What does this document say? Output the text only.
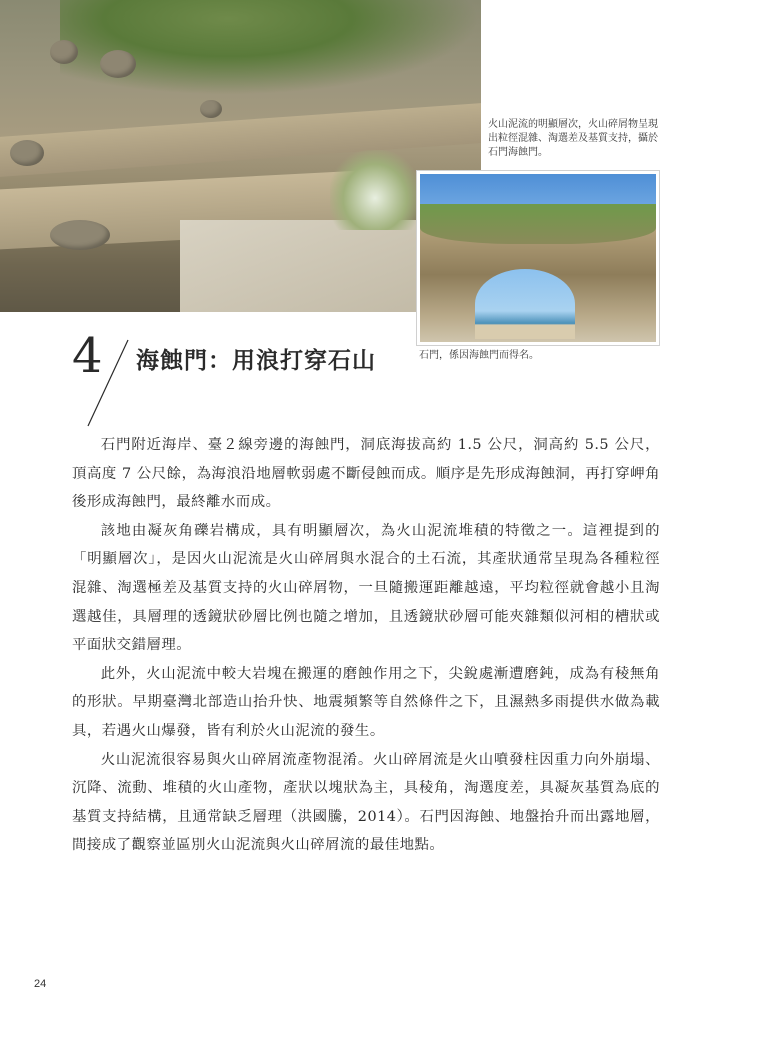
火山泥流的明顯層次，火山碎屑物呈現出粒徑混雜、淘選差及基質支持，攝於石門海蝕門。
石門，係因海蝕門而得名。
4 海蝕門：用浪打穿石山

石門附近海岸、臺２線旁邊的海蝕門，洞底海拔高約 1.5 公尺，洞高約 5.5 公尺，頂高度 7 公尺餘，為海浪沿地層軟弱處不斷侵蝕而成。順序是先形成海蝕洞，再打穿岬角後形成海蝕門，最終離水而成。

該地由凝灰角礫岩構成，具有明顯層次，為火山泥流堆積的特徵之一。這裡提到的「明顯層次」，是因火山泥流是火山碎屑與水混合的土石流，其產狀通常呈現為各種粒徑混雜、淘選極差及基質支持的火山碎屑物，一旦隨搬運距離越遠，平均粒徑就會越小且淘選越佳，具層理的透鏡狀砂層比例也隨之增加，且透鏡狀砂層可能夾雜類似河相的槽狀或平面狀交錯層理。

此外，火山泥流中較大岩塊在搬運的磨蝕作用之下，尖銳處漸遭磨鈍，成為有稜無角的形狀。早期臺灣北部造山抬升快、地震頻繁等自然條件之下，且濕熱多雨提供水做為載具，若遇火山爆發，皆有利於火山泥流的發生。

火山泥流很容易與火山碎屑流產物混淆。火山碎屑流是火山噴發柱因重力向外崩塌、沉降、流動、堆積的火山產物，產狀以塊狀為主，具稜角，淘選度差，具凝灰基質為底的基質支持結構，且通常缺乏層理（洪國騰，2014）。石門因海蝕、地盤抬升而出露地層，間接成了觀察並區別火山泥流與火山碎屑流的最佳地點。

24
